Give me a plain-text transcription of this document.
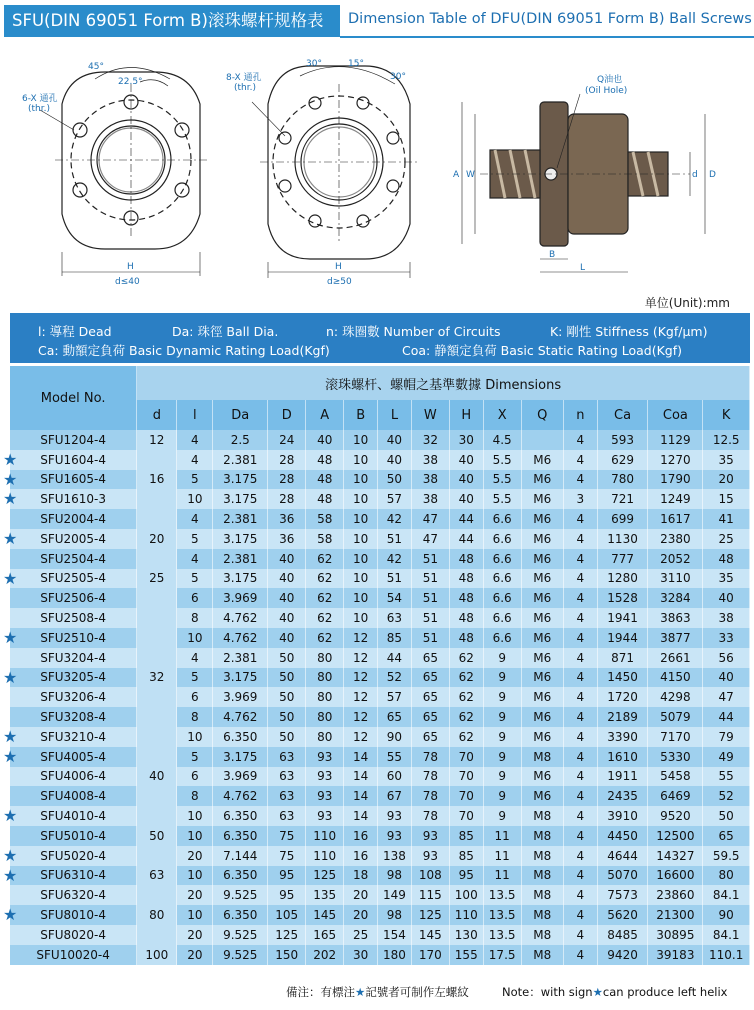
SFU(DIN 69051 Form B)滚珠螺杆规格表	Dimension Table of DFU(DIN 69051 Form B) Ball Screws
45°
22.5°
6-X 通孔
(thr.)
H
d≤40
30°	15°
30°
8-X 通孔
(thr.)
H
d≥50
Q油也
(Oil Hole)
A W
B
L
D
d
单位(Unit):mm
l: 導程 Dead	Da: 珠徑 Ball Dia.	n: 珠圈數 Number of Circuits	K: 剛性 Stiffness (Kgf/μm)
Ca: 動額定負荷 Basic Dynamic Rating Load(Kgf)	Coa: 静額定負荷 Basic Static Rating Load(Kgf)
Model No.	滚珠螺杆、螺帽之基準數據 Dimensions														
	d	l	Da	D	A	B	L	W	H	X	Q	n	Ca	Coa	K
SFU1204-4	12	4	2.5	24	40	10	40	32	30	4.5		4	593	1129	12.5
SFU1604-4		4	2.381	28	48	10	40	38	40	5.5	M6	4	629	1270	35
SFU1605-4	16	5	3.175	28	48	10	50	38	40	5.5	M6	4	780	1790	20
SFU1610-3		10	3.175	28	48	10	57	38	40	5.5	M6	3	721	1249	15
SFU2004-4		4	2.381	36	58	10	42	47	44	6.6	M6	4	699	1617	41
SFU2005-4	20	5	3.175	36	58	10	51	47	44	6.6	M6	4	1130	2380	25
SFU2504-4		4	2.381	40	62	10	42	51	48	6.6	M6	4	777	2052	48
SFU2505-4	25	5	3.175	40	62	10	51	51	48	6.6	M6	4	1280	3110	35
SFU2506-4		6	3.969	40	62	10	54	51	48	6.6	M6	4	1528	3284	40
SFU2508-4		8	4.762	40	62	10	63	51	48	6.6	M6	4	1941	3863	38
SFU2510-4		10	4.762	40	62	12	85	51	48	6.6	M6	4	1944	3877	33
SFU3204-4		4	2.381	50	80	12	44	65	62	9	M6	4	871	2661	56
SFU3205-4	32	5	3.175	50	80	12	52	65	62	9	M6	4	1450	4150	40
SFU3206-4		6	3.969	50	80	12	57	65	62	9	M6	4	1720	4298	47
SFU3208-4		8	4.762	50	80	12	65	65	62	9	M6	4	2189	5079	44
SFU3210-4		10	6.350	50	80	12	90	65	62	9	M6	4	3390	7170	79
SFU4005-4		5	3.175	63	93	14	55	78	70	9	M8	4	1610	5330	49
SFU4006-4	40	6	3.969	63	93	14	60	78	70	9	M6	4	1911	5458	55
SFU4008-4		8	4.762	63	93	14	67	78	70	9	M6	4	2435	6469	52
SFU4010-4		10	6.350	63	93	14	93	78	70	9	M8	4	3910	9520	50
SFU5010-4	50	10	6.350	75	110	16	93	93	85	11	M8	4	4450	12500	65
SFU5020-4		20	7.144	75	110	16	138	93	85	11	M8	4	4644	14327	59.5
SFU6310-4	63	10	6.350	95	125	18	98	108	95	11	M8	4	5070	16600	80
SFU6320-4		20	9.525	95	135	20	149	115	100	13.5	M8	4	7573	23860	84.1
SFU8010-4	80	10	6.350	105	145	20	98	125	110	13.5	M8	4	5620	21300	90
SFU8020-4		20	9.525	125	165	25	154	145	130	13.5	M8	4	8485	30895	84.1
SFU10020-4	100	20	9.525	150	202	30	180	170	155	17.5	M8	4	9420	39183	110.1
★
★
★
★
★
★
★
★
★
★
★
★
★
備注：有標注★記號者可制作左螺紋	Note：with sign★can produce left helix
